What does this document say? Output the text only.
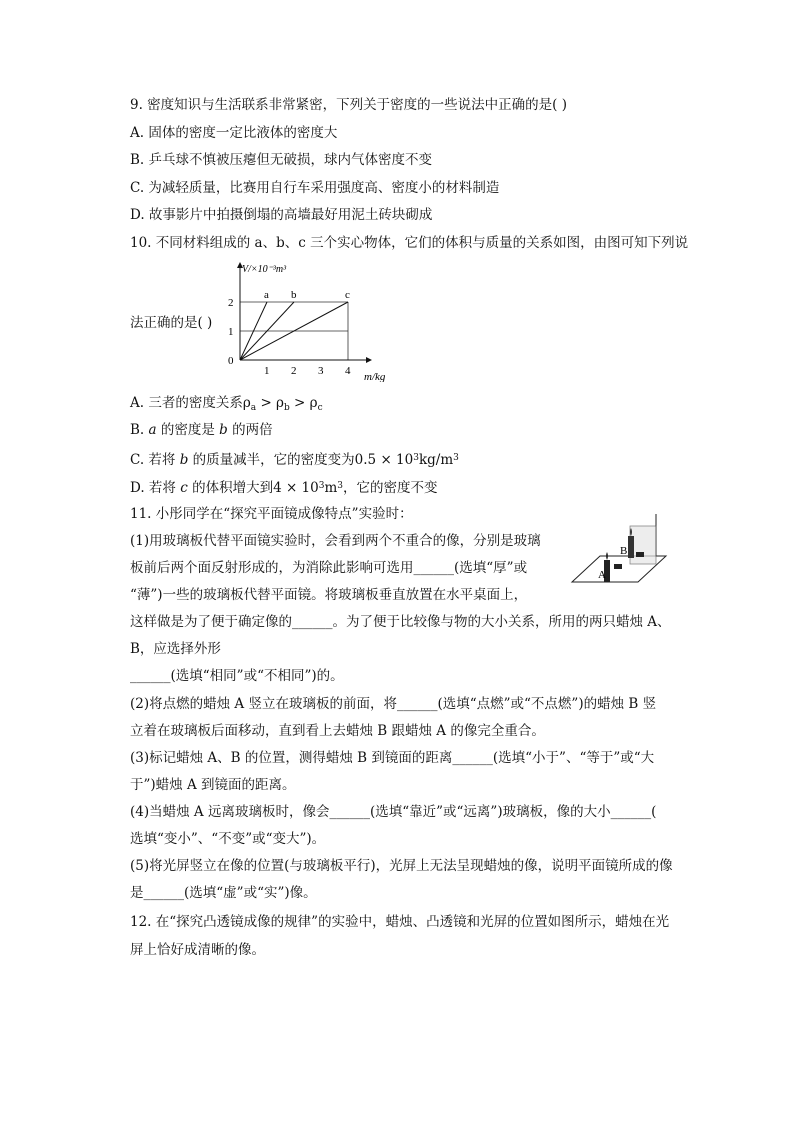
9. 密度知识与生活联系非常紧密，下列关于密度的一些说法中正确的是( )
A. 固体的密度一定比液体的密度大
B. 乒乓球不慎被压瘪但无破损，球内气体密度不变
C. 为减轻质量，比赛用自行车采用强度高、密度小的材料制造
D. 故事影片中拍摄倒塌的高墙最好用泥土砖块砌成
10. 不同材料组成的 a、b、c 三个实心物体，它们的体积与质量的关系如图，由图可知下列说
法正确的是( )
1 2 3 4
1
2
0
V/×10⁻³m³
m/kg
a b	c
A. 三者的密度关系$\rho_a > \rho_b > \rho_c$
B. a 的密度是 b 的两倍
C. 若将 b 的质量减半，它的密度变为$0.5 \times 10^3kg/m^3$
D. 若将 c 的体积增大到$4 \times 10^3m^3$，它的密度不变
11. 小彤同学在“探究平面镜成像特点”实验时：
(1)用玻璃板代替平面镜实验时，会看到两个不重合的像，分别是玻璃
板前后两个面反射形成的，为消除此影响可选用______(选填“厚”或
“薄”)一些的玻璃板代替平面镜。将玻璃板垂直放置在水平桌面上，
A
B
这样做是为了便于确定像的______。为了便于比较像与物的大小关系，所用的两只蜡烛 A、
B，应选择外形
______(选填“相同”或“不相同”)的。
(2)将点燃的蜡烛 A 竖立在玻璃板的前面，将______(选填“点燃”或“不点燃”)的蜡烛 B 竖
立着在玻璃板后面移动，直到看上去蜡烛 B 跟蜡烛 A 的像完全重合。
(3)标记蜡烛 A、B 的位置，测得蜡烛 B 到镜面的距离______(选填“小于”、“等于”或“大
于”)蜡烛 A 到镜面的距离。
(4)当蜡烛 A 远离玻璃板时，像会______(选填“靠近”或“远离”)玻璃板，像的大小______(
选填“变小”、“不变”或“变大”)。
(5)将光屏竖立在像的位置(与玻璃板平行)，光屏上无法呈现蜡烛的像，说明平面镜所成的像
是______(选填“虚”或“实”)像。
12. 在“探究凸透镜成像的规律”的实验中，蜡烛、凸透镜和光屏的位置如图所示，蜡烛在光
屏上恰好成清晰的像。
